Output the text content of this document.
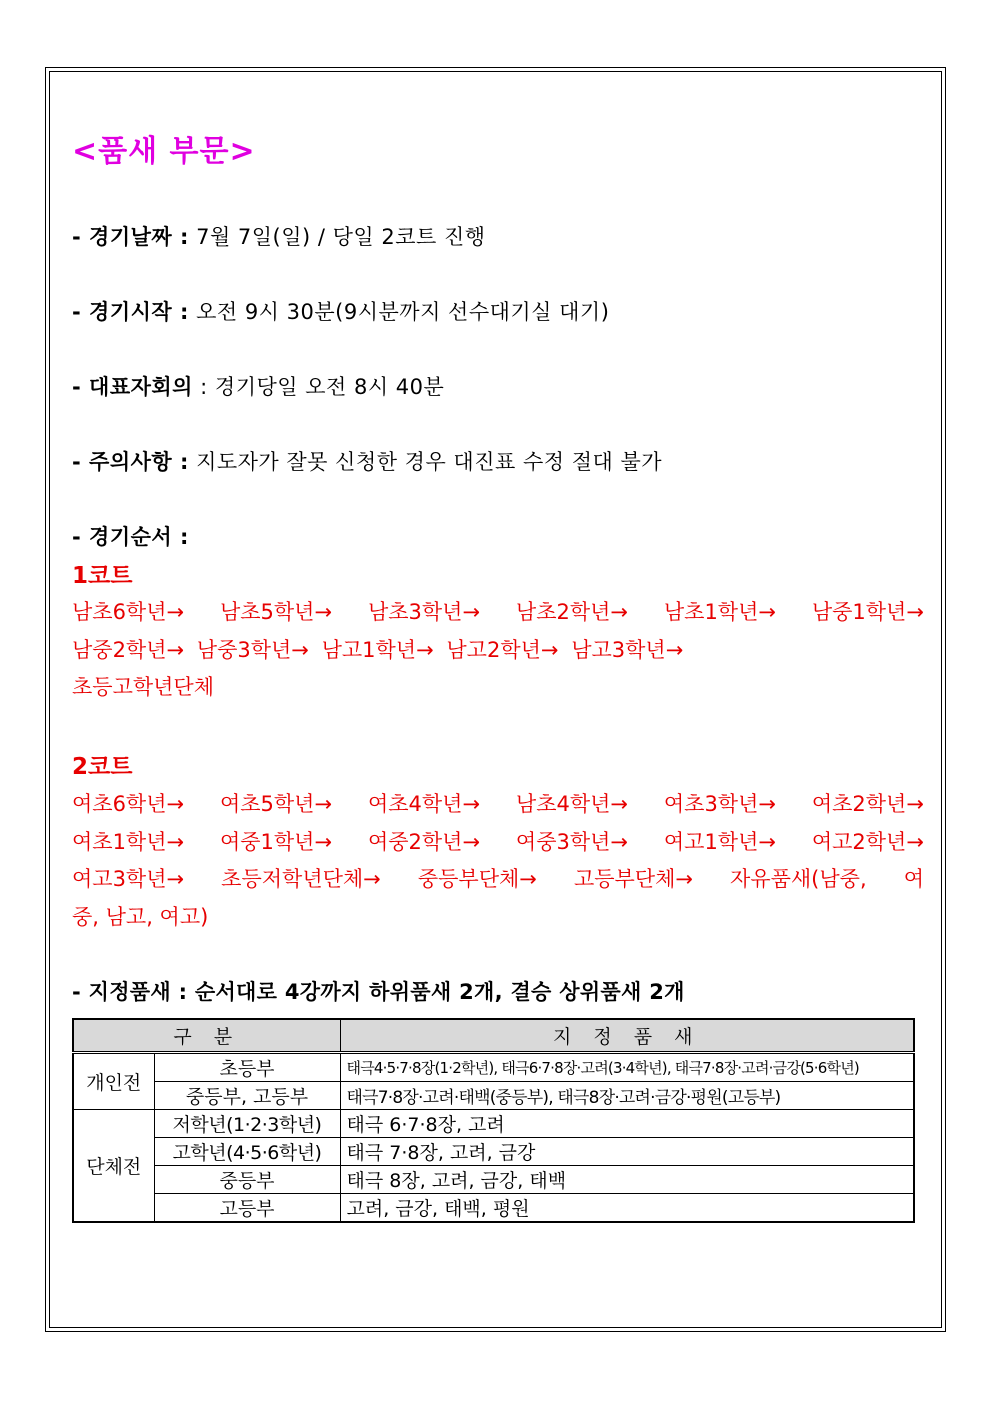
<품새 부문>
- 경기날짜 : 7월 7일(일) / 당일 2코트 진행
- 경기시작 : 오전 9시 30분(9시분까지 선수대기실 대기)
- 대표자회의 : 경기당일 오전 8시 40분
- 주의사항 : 지도자가 잘못 신청한 경우 대진표 수정 절대 불가
- 경기순서 :
1코트
남초6학년→ 남초5학년→ 남초3학년→ 남초2학년→ 남초1학년→ 남중1학년→
남중2학년→ 남중3학년→ 남고1학년→ 남고2학년→ 남고3학년→
초등고학년단체
2코트
여초6학년→ 여초5학년→ 여초4학년→ 남초4학년→ 여초3학년→ 여초2학년→
여초1학년→ 여중1학년→ 여중2학년→ 여중3학년→ 여고1학년→ 여고2학년→
여고3학년→ 초등저학년단체→ 중등부단체→ 고등부단체→ 자유품새(남중, 여
중, 남고, 여고)
- 지정품새 : 순서대로 4강까지 하위품새 2개, 결승 상위품새 2개
구 분		지 정 품 새
개인전	초등부	태극4·5·7·8장(1·2학년), 태극6·7·8장·고려(3·4학년), 태극7·8장·고려·금강(5·6학년)
	중등부, 고등부	태극7·8장·고려·태백(중등부), 태극8장·고려·금강·평원(고등부)
단체전	저학년(1·2·3학년)	태극 6·7·8장, 고려
	고학년(4·5·6학년)	태극 7·8장, 고려, 금강
	중등부	태극 8장, 고려, 금강, 태백
	고등부	고려, 금강, 태백, 평원
